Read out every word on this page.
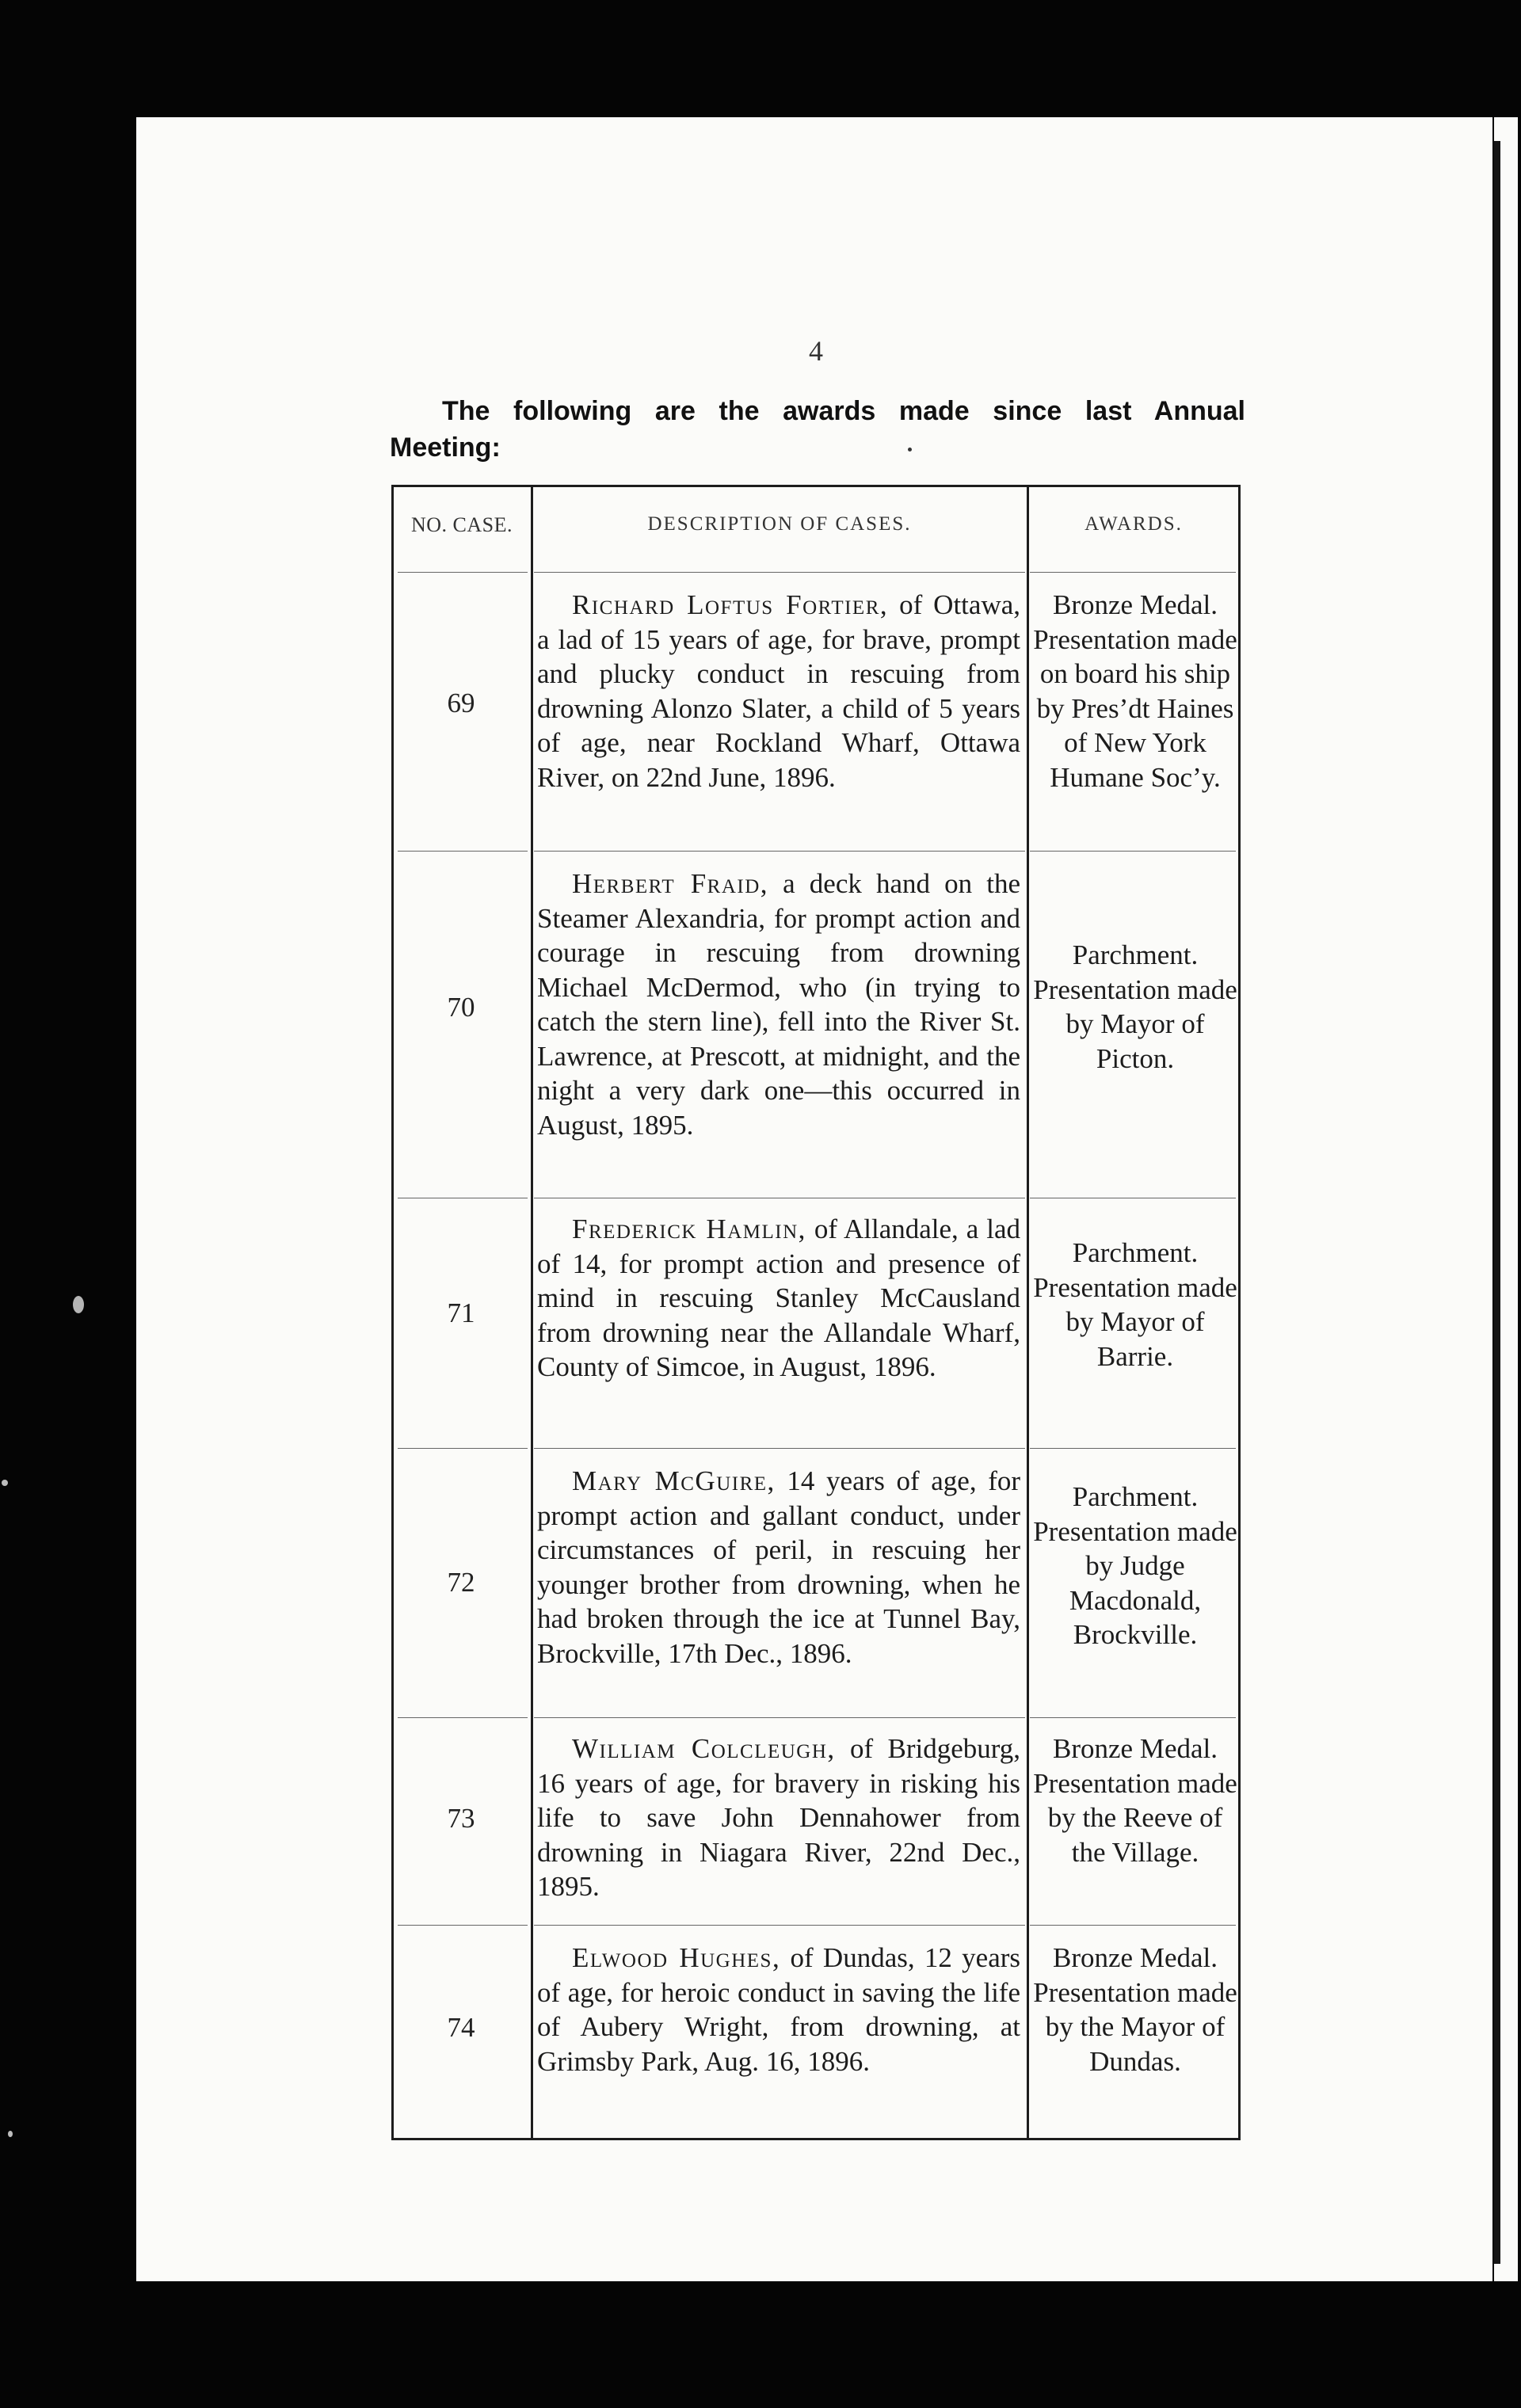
4
The following are the awards made since last Annual
Meeting:
NO. CASE.	DESCRIPTION OF CASES.	AWARDS.
69
Richard Loftus Fortier, of Ottawa, a lad of 15 years of age, for brave, prompt and plucky conduct in rescuing from drowning Alonzo Slater, a child of 5 years of age, near Rockland Wharf, Ottawa River, on 22nd June, 1896.
Bronze Medal. Presentation made on board his ship by Pres’dt Haines of New York Humane Soc’y.
70
Herbert Fraid, a deck hand on the Steamer Alexandria, for prompt action and courage in rescuing from drowning Michael McDermod, who (in trying to catch the stern line), fell into the River St. Lawrence, at Prescott, at midnight, and the night a very dark one—this occurred in August, 1895.
Parchment. Presentation made by Mayor of Picton.
71
Frederick Hamlin, of Allandale, a lad of 14, for prompt action and presence of mind in rescuing Stanley McCausland from drowning near the Allandale Wharf, County of Simcoe, in August, 1896.
Parchment. Presentation made by Mayor of Barrie.
72
Mary McGuire, 14 years of age, for prompt action and gallant conduct, under circumstances of peril, in rescuing her younger brother from drowning, when he had broken through the ice at Tunnel Bay, Brockville, 17th Dec., 1896.
Parchment. Presentation made by Judge Macdonald, Brockville.
73
William Colcleugh, of Bridgeburg, 16 years of age, for bravery in risking his life to save John Dennahower from drowning in Niagara River, 22nd Dec., 1895.
Bronze Medal. Presentation made by the Reeve of the Village.
74
Elwood Hughes, of Dundas, 12 years of age, for heroic conduct in saving the life of Aubery Wright, from drowning, at Grimsby Park, Aug. 16, 1896.
Bronze Medal. Presentation made by the Mayor of Dundas.
